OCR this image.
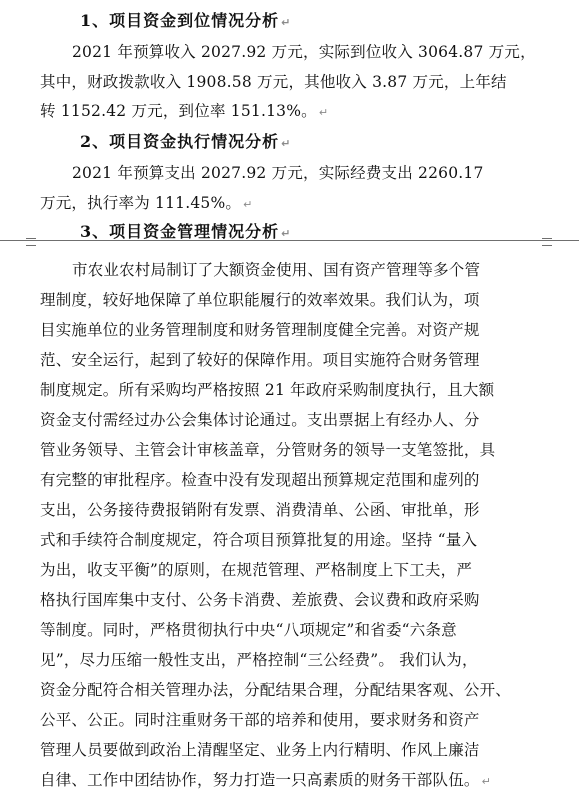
1、项目资金到位情况分析 ↵
2021 年预算收入 2027.92 万元，实际到位收入 3064.87 万元，
其中，财政拨款收入 1908.58 万元，其他收入 3.87 万元，上年结
转 1152.42 万元，到位率 151.13%。 ↵
2、项目资金执行情况分析 ↵
2021 年预算支出 2027.92 万元，实际经费支出 2260.17
万元，执行率为 111.45%。 ↵
3、项目资金管理情况分析 ↵
市农业农村局制订了大额资金使用、国有资产管理等多个管
理制度，较好地保障了单位职能履行的效率效果。我们认为，项
目实施单位的业务管理制度和财务管理制度健全完善。对资产规
范、安全运行，起到了较好的保障作用。项目实施符合财务管理
制度规定。所有采购均严格按照 21 年政府采购制度执行，且大额
资金支付需经过办公会集体讨论通过。支出票据上有经办人、分
管业务领导、主管会计审核盖章，分管财务的领导一支笔签批，具
有完整的审批程序。检查中没有发现超出预算规定范围和虚列的
支出，公务接待费报销附有发票、消费清单、公函、审批单，形
式和手续符合制度规定，符合项目预算批复的用途。坚持 “量入
为出，收支平衡”的原则，在规范管理、严格制度上下工夫，严
格执行国库集中支付、公务卡消费、差旅费、会议费和政府采购
等制度。同时，严格贯彻执行中央“八项规定”和省委“六条意
见”，尽力压缩一般性支出，严格控制“三公经费”。 我们认为，
资金分配符合相关管理办法，分配结果合理，分配结果客观、公开、
公平、公正。同时注重财务干部的培养和使用，要求财务和资产
管理人员要做到政治上清醒坚定、业务上内行精明、作风上廉洁
自律、工作中团结协作，努力打造一只高素质的财务干部队伍。 ↵
